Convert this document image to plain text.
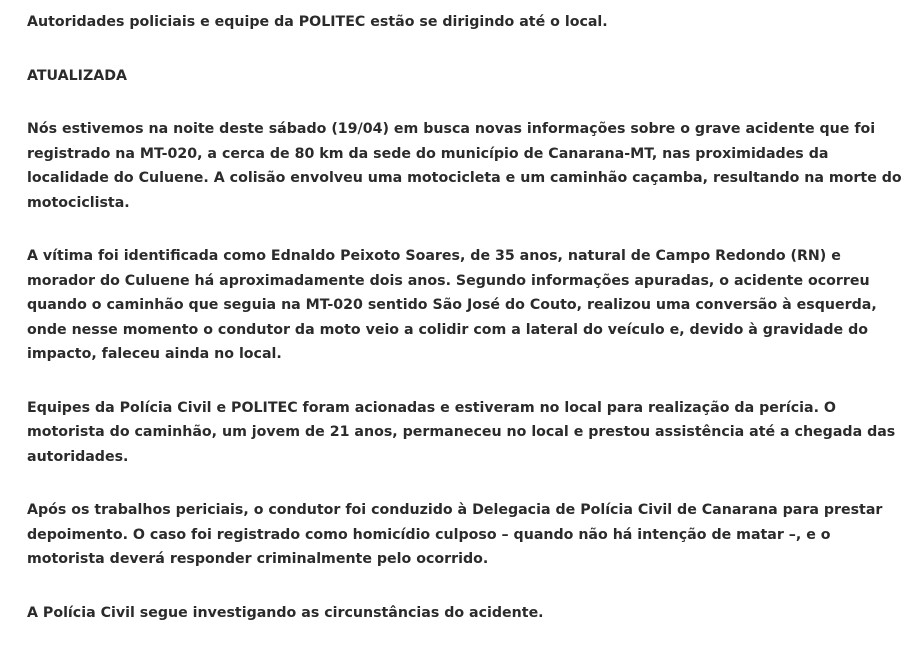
Autoridades policiais e equipe da POLITEC estão se dirigindo até o local.

ATUALIZADA

Nós estivemos na noite deste sábado (19/04) em busca novas informações sobre o grave acidente que foi registrado na MT-020, a cerca de 80 km da sede do município de Canarana-MT, nas proximidades da localidade do Culuene. A colisão envolveu uma motocicleta e um caminhão caçamba, resultando na morte do motociclista.

A vítima foi identificada como Ednaldo Peixoto Soares, de 35 anos, natural de Campo Redondo (RN) e morador do Culuene há aproximadamente dois anos. Segundo informações apuradas, o acidente ocorreu quando o caminhão que seguia na MT-020 sentido São José do Couto, realizou uma conversão à esquerda, onde nesse momento o condutor da moto veio a colidir com a lateral do veículo e, devido à gravidade do impacto, faleceu ainda no local.

Equipes da Polícia Civil e POLITEC foram acionadas e estiveram no local para realização da perícia. O motorista do caminhão, um jovem de 21 anos, permaneceu no local e prestou assistência até a chegada das autoridades.

Após os trabalhos periciais, o condutor foi conduzido à Delegacia de Polícia Civil de Canarana para prestar depoimento. O caso foi registrado como homicídio culposo – quando não há intenção de matar –, e o motorista deverá responder criminalmente pelo ocorrido.

A Polícia Civil segue investigando as circunstâncias do acidente.
